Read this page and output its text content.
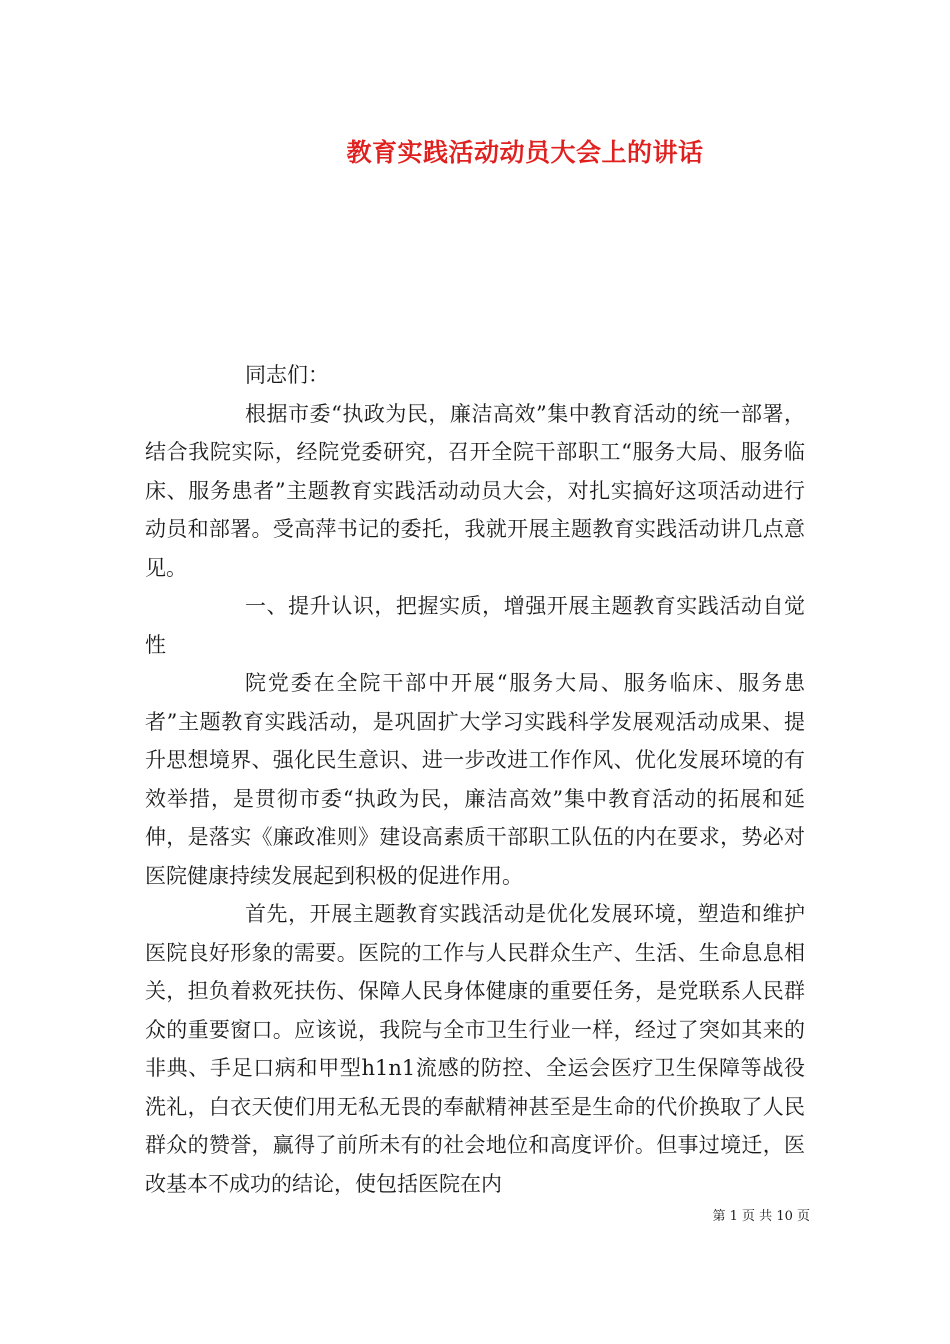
教育实践活动动员大会上的讲话

同志们：

根据市委“执政为民，廉洁高效”集中教育活动的统一部署，结合我院实际，经院党委研究，召开全院干部职工“服务大局、服务临床、服务患者”主题教育实践活动动员大会，对扎实搞好这项活动进行动员和部署。受高萍书记的委托，我就开展主题教育实践活动讲几点意见。

一、提升认识，把握实质，增强开展主题教育实践活动自觉性

院党委在全院干部中开展“服务大局、服务临床、服务患者”主题教育实践活动，是巩固扩大学习实践科学发展观活动成果、提升思想境界、强化民生意识、进一步改进工作作风、优化发展环境的有效举措，是贯彻市委“执政为民，廉洁高效”集中教育活动的拓展和延伸，是落实《廉政准则》建设高素质干部职工队伍的内在要求，势必对医院健康持续发展起到积极的促进作用。

首先，开展主题教育实践活动是优化发展环境，塑造和维护医院良好形象的需要。医院的工作与人民群众生产、生活、生命息息相关，担负着救死扶伤、保障人民身体健康的重要任务，是党联系人民群众的重要窗口。应该说，我院与全市卫生行业一样，经过了突如其来的非典、手足口病和甲型h1n1流感的防控、全运会医疗卫生保障等战役洗礼，白衣天使们用无私无畏的奉献精神甚至是生命的代价换取了人民群众的赞誉，赢得了前所未有的社会地位和高度评价。但事过境迁，医改基本不成功的结论，使包括医院在内

第 1 页 共 10 页
